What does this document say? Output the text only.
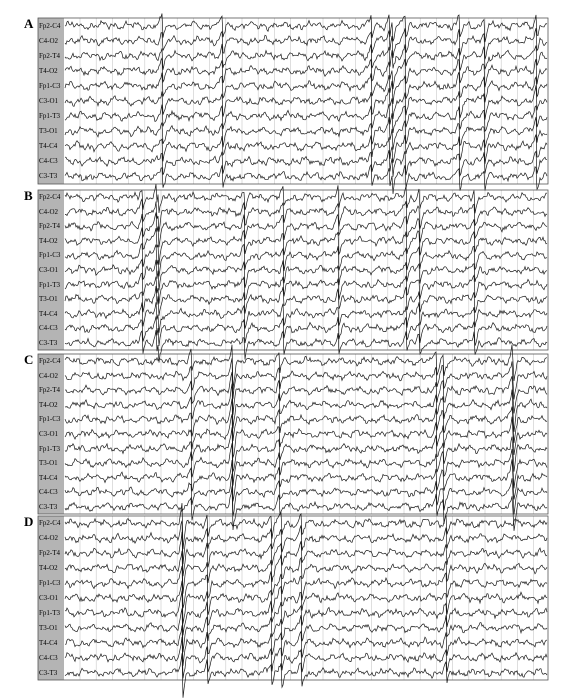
A Fp2-C4
C4-O2
Fp2-T4
T4-O2
Fp1-C3
C3-O1
Fp1-T3
T3-O1
T4-C4
C4-C3
C3-T3
B Fp2-C4
C4-O2
Fp2-T4
T4-O2
Fp1-C3
C3-O1
Fp1-T3
T3-O1
T4-C4
C4-C3
C3-T3
C Fp2-C4
C4-O2
Fp2-T4
T4-O2
Fp1-C3
C3-O1
Fp1-T3
T3-O1
T4-C4
C4-C3
C3-T3
D Fp2-C4
C4-O2
Fp2-T4
T4-O2
Fp1-C3
C3-O1
Fp1-T3
T3-O1
T4-C4
C4-C3
C3-T3
